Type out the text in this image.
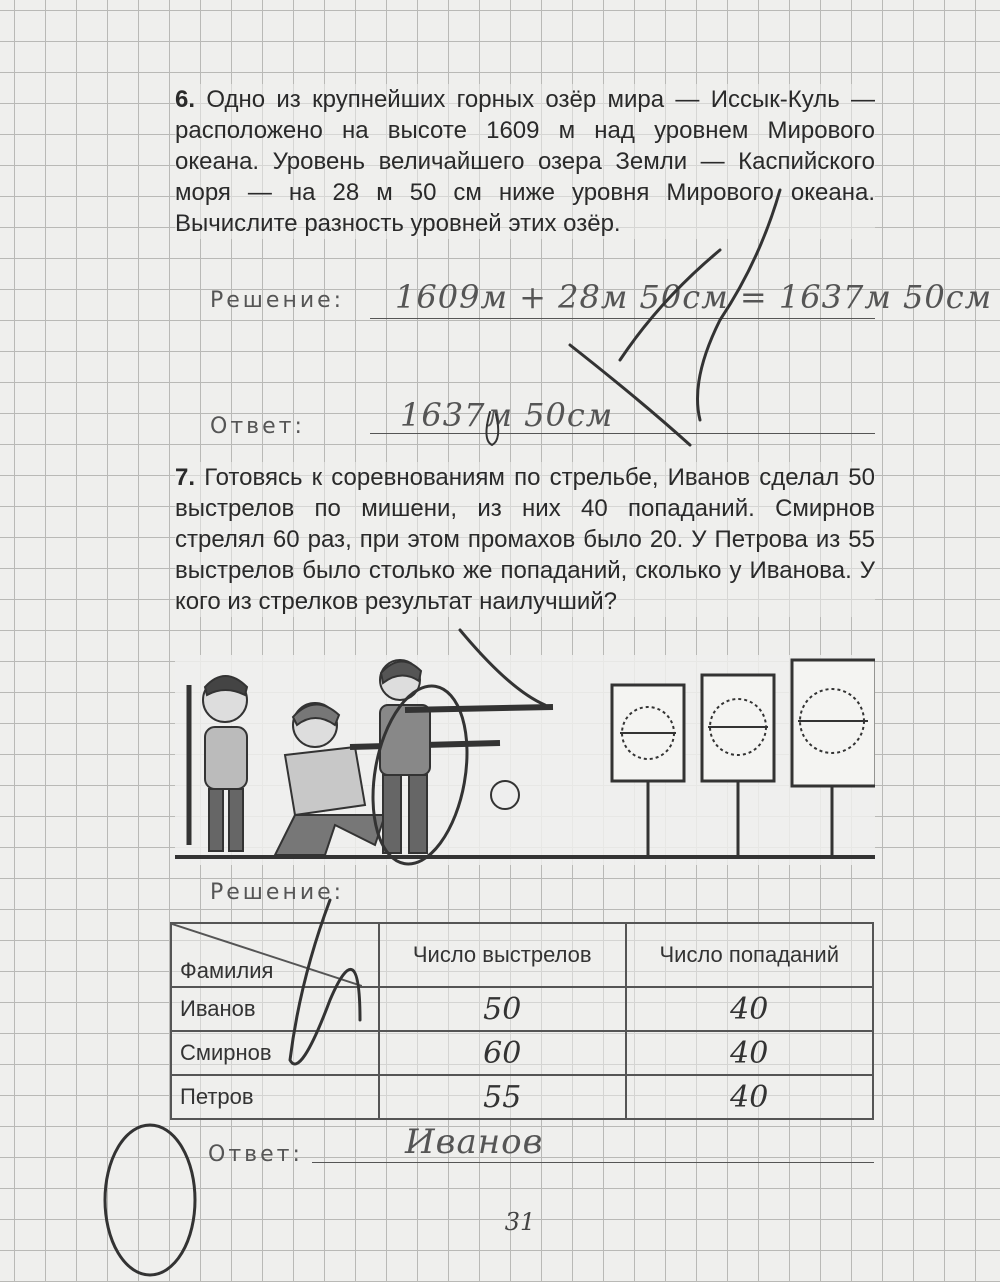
6. Одно из крупнейших горных озёр мира — Иссык-Куль — расположено на высоте 1609 м над уровнем Мирового океана. Уровень величайшего озера Земли — Каспийского моря — на 28 м 50 см ниже уровня Мирового океана. Вычислите разность уровней этих озёр.
Решение: 1609м + 28м 50см = 1637м 50см
Ответ:	1637м 50см
7. Готовясь к соревнованиям по стрельбе, Иванов сделал 50 выстрелов по мишени, из них 40 попаданий. Смирнов стрелял 60 раз, при этом промахов было 20. У Петрова из 55 выстрелов было столько же попаданий, сколько у Иванова. У кого из стрелков результат наилучший?
Решение:
Фамилия	Число выстрелов	Число попаданий
Иванов	50	40
Смирнов	60	40
Петров	55	40
Ответ:	Иванов
31
